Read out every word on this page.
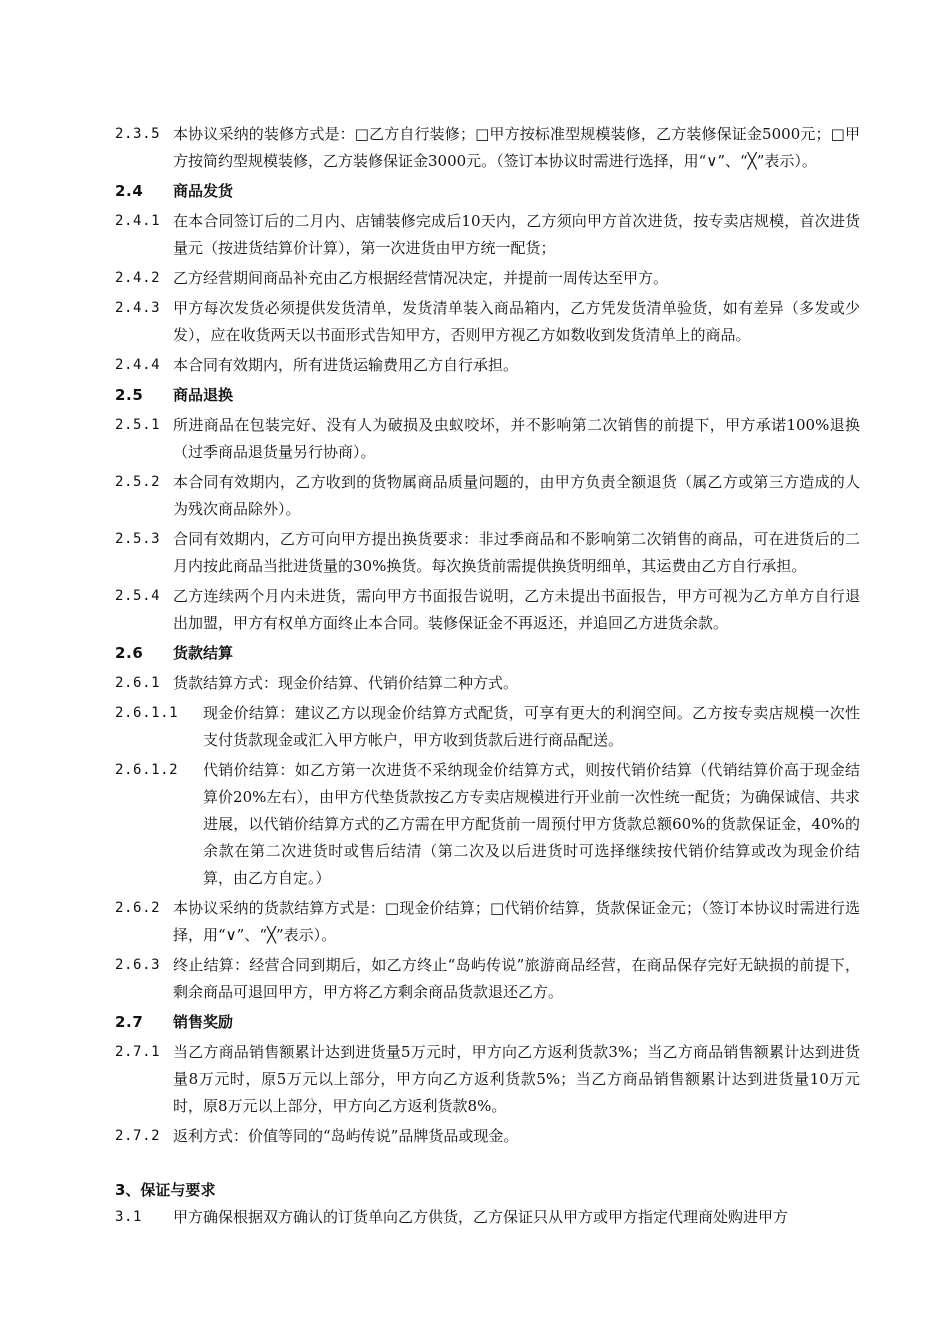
2.3.5 本协议采纳的装修方式是：□乙方自行装修；□甲方按标准型规模装修，乙方装修保证金5000元；□甲方按简约型规模装修，乙方装修保证金3000元。（签订本协议时需进行选择，用“∨”、“╳”表示）。
2.4	商品发货
2.4.1 在本合同签订后的二月内、店铺装修完成后10天内，乙方须向甲方首次进货，按专卖店规模，首次进货量元（按进货结算价计算），第一次进货由甲方统一配货；
2.4.2 乙方经营期间商品补充由乙方根据经营情况决定，并提前一周传达至甲方。
2.4.3 甲方每次发货必须提供发货清单，发货清单装入商品箱内，乙方凭发货清单验货，如有差异（多发或少发），应在收货两天以书面形式告知甲方，否则甲方视乙方如数收到发货清单上的商品。
2.4.4 本合同有效期内，所有进货运输费用乙方自行承担。
2.5	商品退换
2.5.1 所进商品在包装完好、没有人为破损及虫蚁咬坏，并不影响第二次销售的前提下，甲方承诺100%退换（过季商品退货量另行协商）。
2.5.2 本合同有效期内，乙方收到的货物属商品质量问题的，由甲方负责全额退货（属乙方或第三方造成的人为残次商品除外）。
2.5.3 合同有效期内，乙方可向甲方提出换货要求：非过季商品和不影响第二次销售的商品，可在进货后的二月内按此商品当批进货量的30%换货。每次换货前需提供换货明细单，其运费由乙方自行承担。
2.5.4 乙方连续两个月内未进货，需向甲方书面报告说明，乙方未提出书面报告，甲方可视为乙方单方自行退出加盟，甲方有权单方面终止本合同。装修保证金不再返还，并追回乙方进货余款。
2.6	货款结算
2.6.1 货款结算方式：现金价结算、代销价结算二种方式。
2.6.1.1	现金价结算：建议乙方以现金价结算方式配货，可享有更大的利润空间。乙方按专卖店规模一次性支付货款现金或汇入甲方帐户，甲方收到货款后进行商品配送。
2.6.1.2	代销价结算：如乙方第一次进货不采纳现金价结算方式，则按代销价结算（代销结算价高于现金结算价20%左右），由甲方代垫货款按乙方专卖店规模进行开业前一次性统一配货；为确保诚信、共求进展，以代销价结算方式的乙方需在甲方配货前一周预付甲方货款总额60%的货款保证金，40%的余款在第二次进货时或售后结清（第二次及以后进货时可选择继续按代销价结算或改为现金价结算，由乙方自定。）
2.6.2 本协议采纳的货款结算方式是：□现金价结算；□代销价结算，货款保证金元；（签订本协议时需进行选择，用“∨”、“╳”表示）。
2.6.3 终止结算：经营合同到期后，如乙方终止“岛屿传说”旅游商品经营，在商品保存完好无缺损的前提下，剩余商品可退回甲方，甲方将乙方剩余商品货款退还乙方。
2.7	销售奖励
2.7.1 当乙方商品销售额累计达到进货量5万元时，甲方向乙方返利货款3%；当乙方商品销售额累计达到进货量8万元时，原5万元以上部分，甲方向乙方返利货款5%；当乙方商品销售额累计达到进货量10万元时，原8万元以上部分，甲方向乙方返利货款8%。
2.7.2 返利方式：价值等同的“岛屿传说”品牌货品或现金。
3、保证与要求
3.1	甲方确保根据双方确认的订货单向乙方供货，乙方保证只从甲方或甲方指定代理商处购进甲方
